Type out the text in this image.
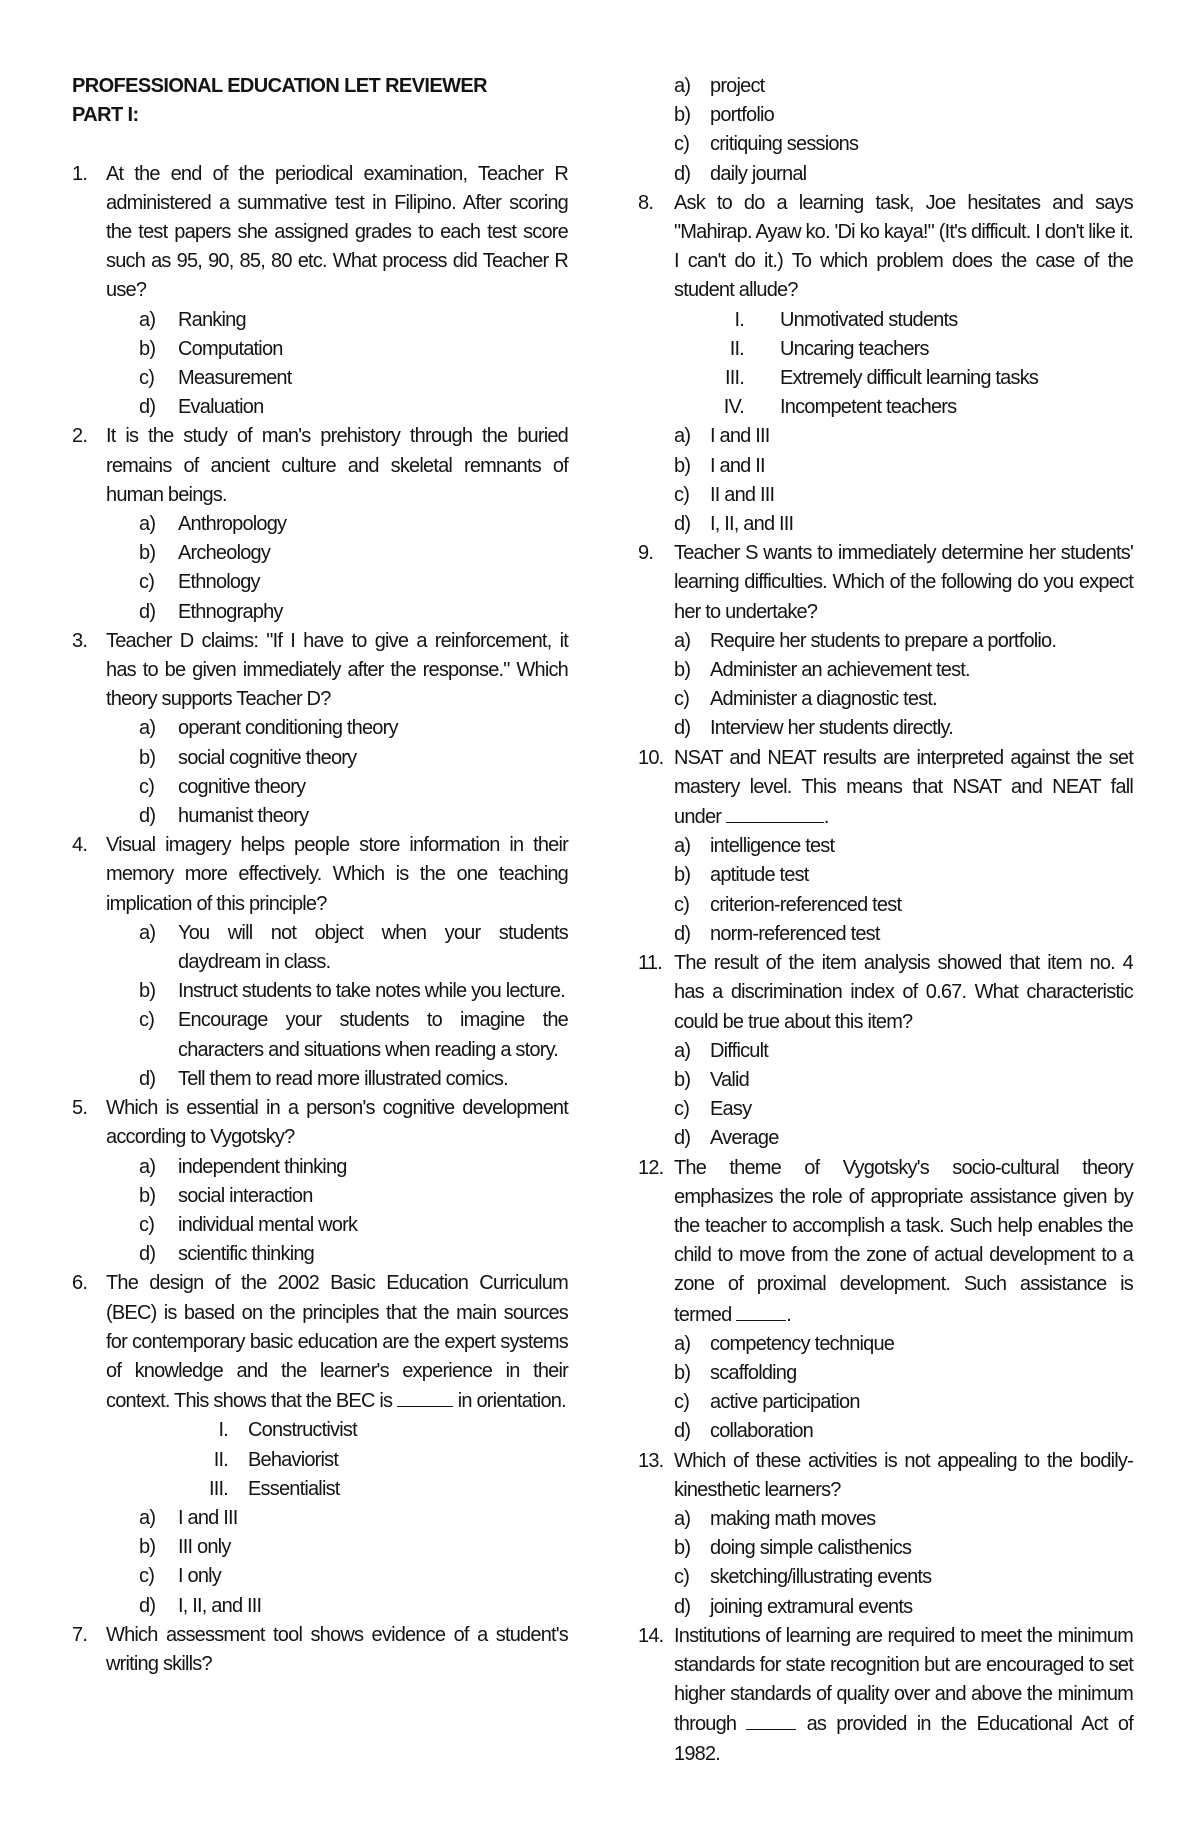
PROFESSIONAL EDUCATION LET REVIEWER
PART I:
1. At the end of the periodical examination, Teacher R administered a summative test in Filipino. After scoring the test papers she assigned grades to each test score such as 95, 90, 85, 80 etc. What process did Teacher R use?
a) Ranking
b) Computation
c) Measurement
d) Evaluation
2. It is the study of man's prehistory through the buried remains of ancient culture and skeletal remnants of human beings.
a) Anthropology
b) Archeology
c) Ethnology
d) Ethnography
3. Teacher D claims: "If I have to give a reinforcement, it has to be given immediately after the response." Which theory supports Teacher D?
a) operant conditioning theory
b) social cognitive theory
c) cognitive theory
d) humanist theory
4. Visual imagery helps people store information in their memory more effectively. Which is the one teaching implication of this principle?
a) You will not object when your students daydream in class.
b) Instruct students to take notes while you lecture.
c) Encourage your students to imagine the characters and situations when reading a story.
d) Tell them to read more illustrated comics.
5. Which is essential in a person's cognitive development according to Vygotsky?
a) independent thinking
b) social interaction
c) individual mental work
d) scientific thinking
6. The design of the 2002 Basic Education Curriculum (BEC) is based on the principles that the main sources for contemporary basic education are the expert systems of knowledge and the learner's experience in their context. This shows that the BEC is	in orientation.
I. Constructivist
II. Behaviorist
III. Essentialist
a) I and III
b) III only
c) I only
d) I, II, and III
7. Which assessment tool shows evidence of a student's writing skills?
a) project
b) portfolio
c) critiquing sessions
d) daily journal
8. Ask to do a learning task, Joe hesitates and says "Mahirap. Ayaw ko. 'Di ko kaya!" (It's difficult. I don't like it. I can't do it.) To which problem does the case of the student allude?
I. Unmotivated students
II. Uncaring teachers
III. Extremely difficult learning tasks
IV. Incompetent teachers
a) I and III
b) I and II
c) II and III
d) I, II, and III
9. Teacher S wants to immediately determine her students' learning difficulties. Which of the following do you expect her to undertake?
a) Require her students to prepare a portfolio.
b) Administer an achievement test.
c) Administer a diagnostic test.
d) Interview her students directly.
10. NSAT and NEAT results are interpreted against the set mastery level. This means that NSAT and NEAT fall under	.
a) intelligence test
b) aptitude test
c) criterion-referenced test
d) norm-referenced test
11. The result of the item analysis showed that item no. 4 has a discrimination index of 0.67. What characteristic could be true about this item?
a) Difficult
b) Valid
c) Easy
d) Average
12. The theme of Vygotsky's socio-cultural theory emphasizes the role of appropriate assistance given by the teacher to accomplish a task. Such help enables the child to move from the zone of actual development to a zone of proximal development. Such assistance is termed	.
a) competency technique
b) scaffolding
c) active participation
d) collaboration
13. Which of these activities is not appealing to the bodily-kinesthetic learners?
a) making math moves
b) doing simple calisthenics
c) sketching/illustrating events
d) joining extramural events
14. Institutions of learning are required to meet the minimum standards for state recognition but are encouraged to set higher standards of quality over and above the minimum through	as provided in the Educational Act of 1982.
